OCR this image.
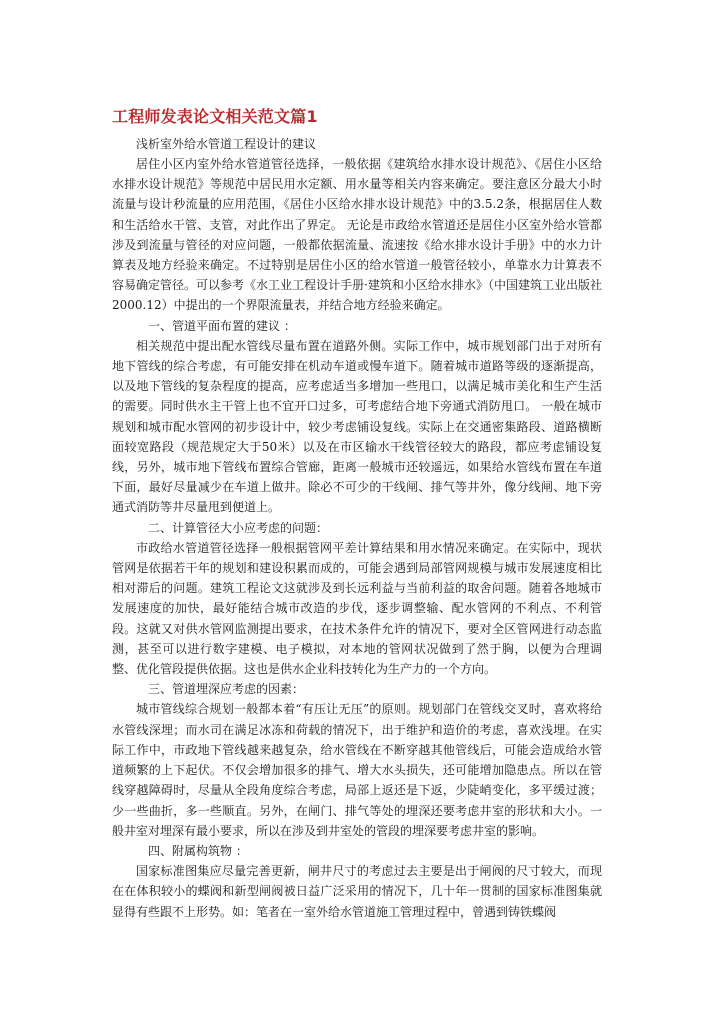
工程师发表论文相关范文篇1

浅析室外给水管道工程设计的建议

居住小区内室外给水管道管径选择，一般依据《建筑给水排水设计规范》、《居住小区给水排水设计规范》等规范中居民用水定额、用水量等相关内容来确定。要注意区分最大小时流量与设计秒流量的应用范围，《居住小区给水排水设计规范》中的3.5.2条，根据居住人数和生活给水干管、支管，对此作出了界定。 无论是市政给水管道还是居住小区室外给水管都涉及到流量与管径的对应问题，一般都依据流量、流速按《给水排水设计手册》中的水力计算表及地方经验来确定。不过特别是居住小区的给水管道一般管径较小，单靠水力计算表不容易确定管径。可以参考《水工业工程设计手册·建筑和小区给水排水》（中国建筑工业出版社2000.12）中提出的一个界限流量表，并结合地方经验来确定。

一、管道平面布置的建议 ：

相关规范中提出配水管线尽量布置在道路外侧。实际工作中，城市规划部门出于对所有地下管线的综合考虑，有可能安排在机动车道或慢车道下。随着城市道路等级的逐渐提高，以及地下管线的复杂程度的提高，应考虑适当多增加一些甩口，以满足城市美化和生产生活的需要。同时供水主干管上也不宜开口过多，可考虑结合地下旁通式消防甩口。 一般在城市规划和城市配水管网的初步设计中，较少考虑铺设复线。实际上在交通密集路段、道路横断面较宽路段（规范规定大于50米）以及在市区输水干线管径较大的路段，都应考虑铺设复线，另外，城市地下管线布置综合管廊，距离一般城市还较遥远，如果给水管线布置在车道下面，最好尽量减少在车道上做井。除必不可少的干线闸、排气等井外，像分线闸、地下旁通式消防等井尽量甩到便道上。

二、计算管径大小应考虑的问题：

市政给水管道管径选择一般根据管网平差计算结果和用水情况来确定。在实际中，现状管网是依据若干年的规划和建设积累而成的，可能会遇到局部管网规模与城市发展速度相比相对滞后的问题。建筑工程论文这就涉及到长远利益与当前利益的取舍问题。随着各地城市发展速度的加快，最好能结合城市改造的步伐，逐步调整输、配水管网的不利点、不利管段。这就又对供水管网监测提出要求，在技术条件允许的情况下，要对全区管网进行动态监测，甚至可以进行数字建模、电子模拟，对本地的管网状况做到了然于胸，以便为合理调整、优化管段提供依据。这也是供水企业科技转化为生产力的一个方向。

三、管道埋深应考虑的因素：

城市管线综合规划一般都本着“有压让无压”的原则。规划部门在管线交叉时，喜欢将给水管线深埋；而水司在满足冰冻和荷载的情况下，出于维护和造价的考虑，喜欢浅埋。在实际工作中，市政地下管线越来越复杂，给水管线在不断穿越其他管线后，可能会造成给水管道频繁的上下起伏。不仅会增加很多的排气、增大水头损失，还可能增加隐患点。所以在管线穿越障碍时，尽量从全段角度综合考虑，局部上返还是下返，少陡峭变化，多平缓过渡；少一些曲折，多一些顺直。另外，在闸门、排气等处的埋深还要考虑井室的形状和大小。一般井室对埋深有最小要求，所以在涉及到井室处的管段的埋深要考虑井室的影响。

四、附属构筑物 ：

国家标准图集应尽量完善更新，闸井尺寸的考虑过去主要是出于闸阀的尺寸较大，而现在在体积较小的蝶阀和新型闸阀被日益广泛采用的情况下，几十年一贯制的国家标准图集就显得有些跟不上形势。如：笔者在一室外给水管道施工管理过程中，曾遇到铸铁蝶阀
